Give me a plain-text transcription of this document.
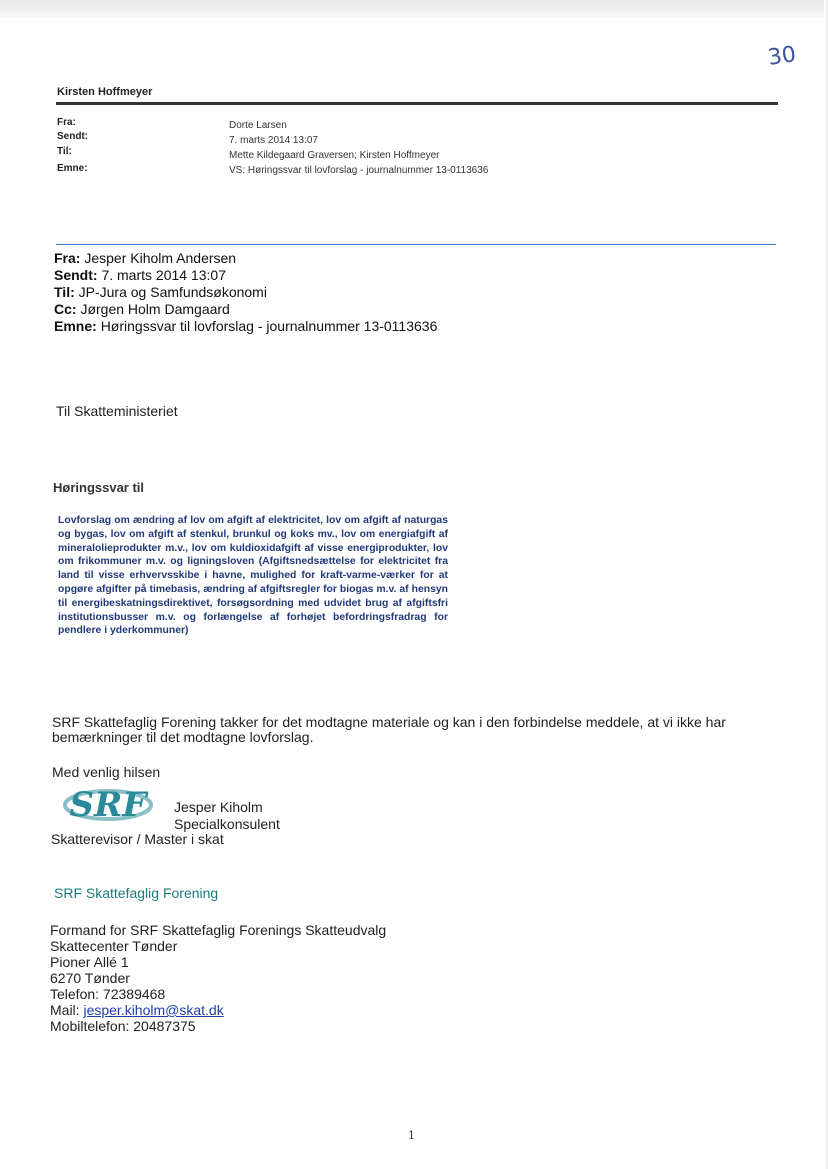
30
Kirsten Hoffmeyer
Fra:
Sendt:
Til:
Emne:
Dorte Larsen
7. marts 2014 13:07
Mette Kildegaard Graversen; Kirsten Hoffmeyer
VS: Høringssvar til lovforslag - journalnummer 13-0113636
Fra: Jesper Kiholm Andersen
Sendt: 7. marts 2014 13:07
Til: JP-Jura og Samfundsøkonomi
Cc: Jørgen Holm Damgaard
Emne: Høringssvar til lovforslag - journalnummer 13-0113636
Til Skatteministeriet
Høringssvar til
Lovforslag om ændring af lov om afgift af elektricitet, lov om afgift af naturgas og bygas, lov om afgift af stenkul, brunkul og koks mv., lov om energiafgift af mineralolieprodukter m.v., lov om kuldioxidafgift af visse energiprodukter, lov om frikommuner m.v. og ligningsloven (Afgiftsnedsættelse for elektricitet fra land til visse erhvervsskibe i havne, mulighed for kraft-varme-værker for at opgøre afgifter på timebasis, ændring af afgiftsregler for biogas m.v. af hensyn til energibeskatningsdirektivet, forsøgsordning med udvidet brug af afgiftsfri institutionsbusser m.v. og forlængelse af forhøjet befordringsfradrag for pendlere i yderkommuner)
SRF Skattefaglig Forening takker for det modtagne materiale og kan i den forbindelse meddele, at vi ikke har bemærkninger til det modtagne lovforslag.
Med venlig hilsen
SRF Jesper Kiholm
Specialkonsulent
Skatterevisor / Master i skat
SRF Skattefaglig Forening
Formand for SRF Skattefaglig Forenings Skatteudvalg
Skattecenter Tønder
Pioner Allé 1
6270 Tønder
Telefon: 72389468
Mail: jesper.kiholm@skat.dk
Mobiltelefon: 20487375
1
